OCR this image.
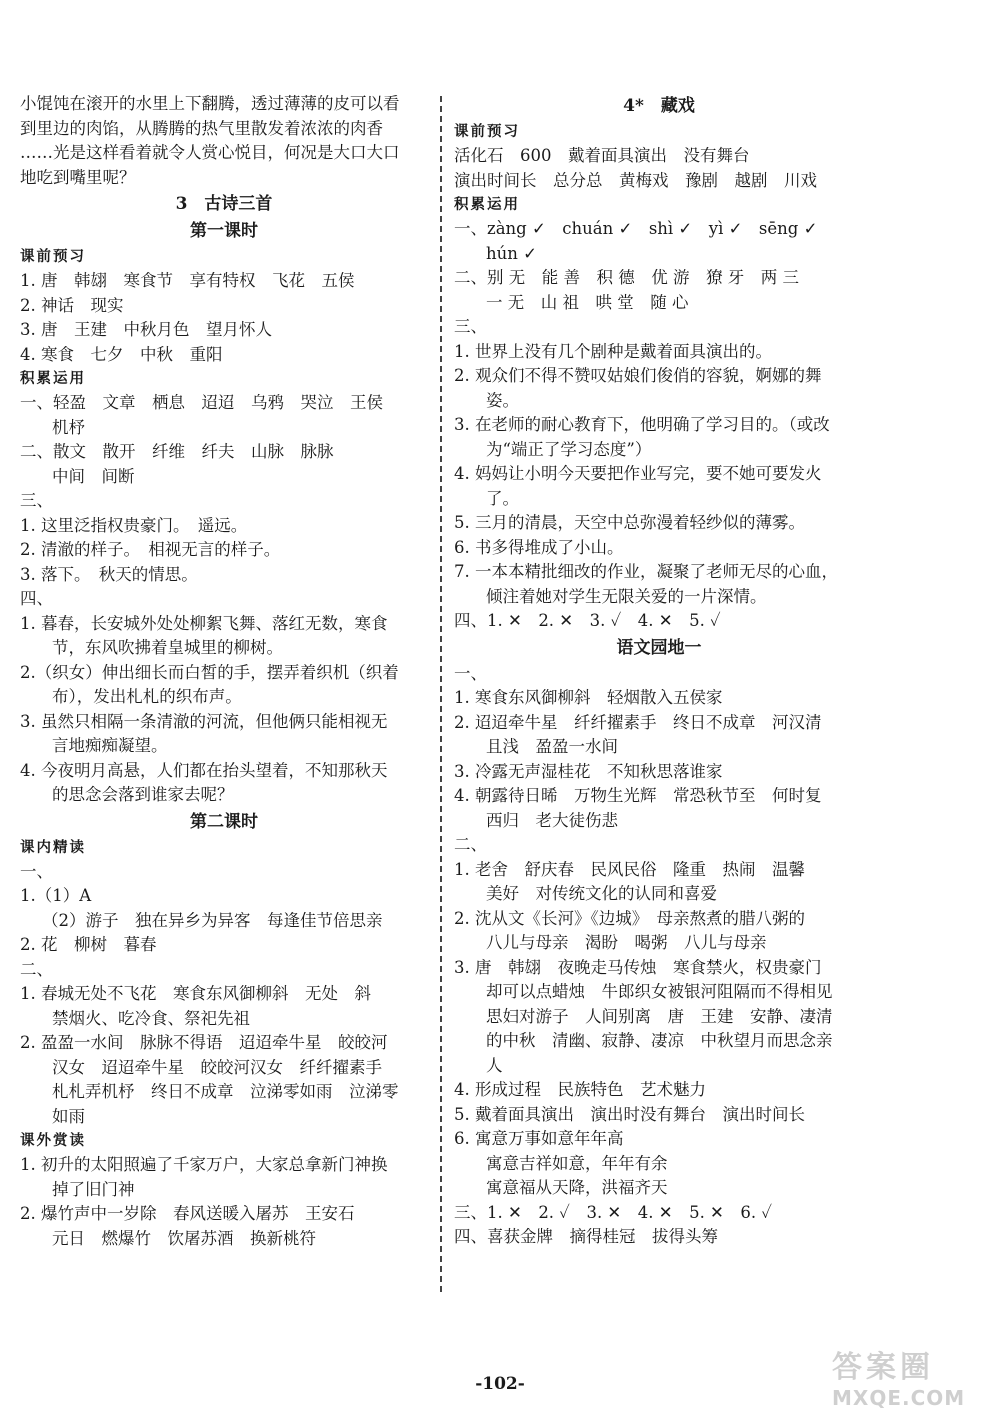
小馄饨在滚开的水里上下翻腾，透过薄薄的皮可以看
到里边的肉馅，从腾腾的热气里散发着浓浓的肉香
……光是这样看着就令人赏心悦目，何况是大口大口
地吃到嘴里呢？
3　古诗三首
第一课时
课前预习
1. 唐　韩翃　寒食节　享有特权　飞花　五侯
2. 神话　现实
3. 唐　王建　中秋月色　望月怀人
4. 寒食　七夕　中秋　重阳
积累运用
一、轻盈　文章　栖息　迢迢　乌鸦　哭泣　王侯
机杼
二、散文　散开　纤维　纤夫　山脉　脉脉
中间　间断
三、
1. 这里泛指权贵豪门。　遥远。
2. 清澈的样子。　相视无言的样子。
3. 落下。　秋天的情思。
四、
1. 暮春，长安城外处处柳絮飞舞、落红无数，寒食
节，东风吹拂着皇城里的柳树。
2.（织女）伸出细长而白皙的手，摆弄着织机（织着
布），发出札札的织布声。
3. 虽然只相隔一条清澈的河流，但他俩只能相视无
言地痴痴凝望。
4. 今夜明月高悬，人们都在抬头望着，不知那秋天
的思念会落到谁家去呢？
第二课时
课内精读
一、
1.（1）A
（2）游子　独在异乡为异客　每逢佳节倍思亲
2. 花　柳树　暮春
二、
1. 春城无处不飞花　寒食东风御柳斜　无处　斜
禁烟火、吃冷食、祭祀先祖
2. 盈盈一水间　脉脉不得语　迢迢牵牛星　皎皎河
汉女　迢迢牵牛星　皎皎河汉女　纤纤擢素手
札札弄机杼　终日不成章　泣涕零如雨　泣涕零
如雨
课外赏读
1. 初升的太阳照遍了千家万户，大家总拿新门神换
掉了旧门神
2. 爆竹声中一岁除　春风送暖入屠苏　王安石
元日　燃爆竹　饮屠苏酒　换新桃符
4*　藏戏
课前预习
活化石　600　戴着面具演出　没有舞台
演出时间长　总分总　黄梅戏　豫剧　越剧　川戏
积累运用
一、zàng ✓　chuán ✓　shì ✓　yì ✓　sēng ✓
hún ✓
二、别 无　能 善　积 德　优 游　獠 牙　两 三
一 无　山 祖　哄 堂　随 心
三、
1. 世界上没有几个剧种是戴着面具演出的。
2. 观众们不得不赞叹姑娘们俊俏的容貌，婀娜的舞
姿。
3. 在老师的耐心教育下，他明确了学习目的。（或改
为“端正了学习态度”）
4. 妈妈让小明今天要把作业写完，要不她可要发火
了。
5. 三月的清晨，天空中总弥漫着轻纱似的薄雾。
6. 书多得堆成了小山。
7. 一本本精批细改的作业，凝聚了老师无尽的心血，
倾注着她对学生无限关爱的一片深情。
四、1. ✕　2. ✕　3. ✓　4. ✕　5. ✓
语文园地一
一、
1. 寒食东风御柳斜　轻烟散入五侯家
2. 迢迢牵牛星　纤纤擢素手　终日不成章　河汉清
且浅　盈盈一水间
3. 冷露无声湿桂花　不知秋思落谁家
4. 朝露待日晞　万物生光辉　常恐秋节至　何时复
西归　老大徒伤悲
二、
1. 老舍　舒庆春　民风民俗　隆重　热闹　温馨
美好　对传统文化的认同和喜爱
2. 沈从文《长河》《边城》　母亲熬煮的腊八粥的
八儿与母亲　渴盼　喝粥　八儿与母亲
3. 唐　韩翃　夜晚走马传烛　寒食禁火，权贵豪门
却可以点蜡烛　牛郎织女被银河阻隔而不得相见
思妇对游子　人间别离　唐　王建　安静、凄清
的中秋　清幽、寂静、凄凉　中秋望月而思念亲
人
4. 形成过程　民族特色　艺术魅力
5. 戴着面具演出　演出时没有舞台　演出时间长
6. 寓意万事如意年年高
寓意吉祥如意，年年有余
寓意福从天降，洪福齐天
三、1. ✕　2. ✓　3. ✕　4. ✕　5. ✕　6. ✓
四、喜获金牌　摘得桂冠　拔得头筹
-102-	答案圈
MXQE.COM
